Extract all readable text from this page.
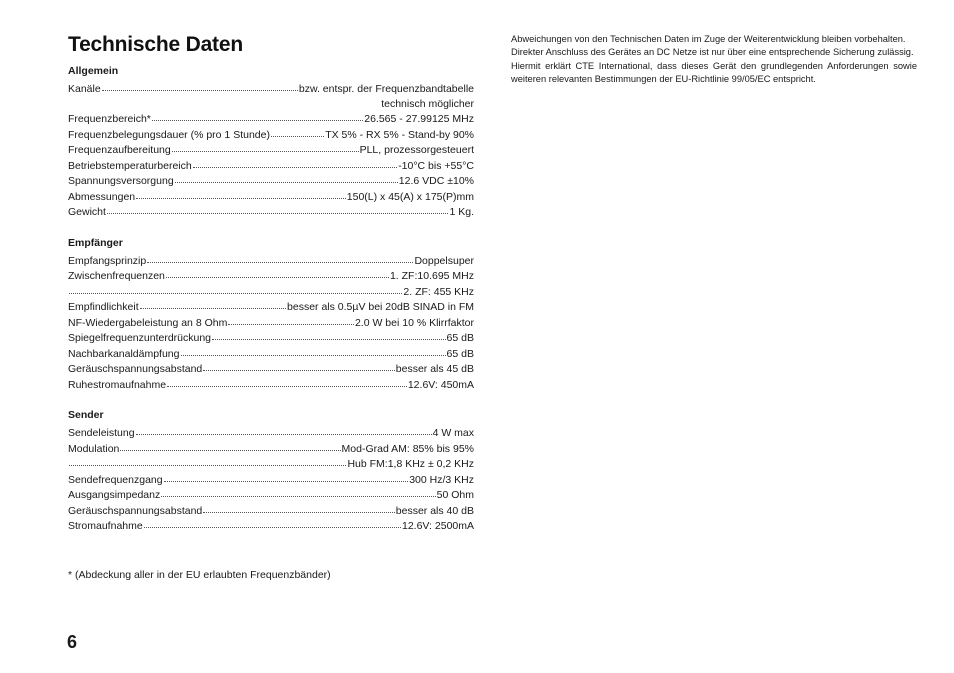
Technische Daten
Allgemein
Kanäle	bzw. entspr. der Frequenzbandtabelle
technisch möglicher
Frequenzbereich*	26.565 - 27.99125 MHz
Frequenzbelegungsdauer (% pro 1 Stunde)	TX 5% - RX 5% - Stand-by 90%
Frequenzaufbereitung	PLL, prozessorgesteuert
Betriebstemperaturbereich	-10°C bis +55°C
Spannungsversorgung	12.6 VDC ±10%
Abmessungen	150(L) x 45(A) x 175(P)mm
Gewicht	1 Kg.
Empfänger
Empfangsprinzip	Doppelsuper
Zwischenfrequenzen	1. ZF:10.695 MHz
2. ZF: 455 KHz
Empfindlichkeit	besser als 0.5µV bei 20dB SINAD in FM
NF-Wiedergabeleistung an 8 Ohm	2.0 W bei 10 % Klirrfaktor
Spiegelfrequenzunterdrückung	65 dB
Nachbarkanaldämpfung	65 dB
Geräuschspannungsabstand	besser als 45 dB
Ruhestromaufnahme	12.6V: 450mA
Sender
Sendeleistung	4 W max
Modulation	Mod-Grad AM: 85% bis 95%
Hub FM:1,8 KHz ± 0,2 KHz
Sendefrequenzgang	300 Hz/3 KHz
Ausgangsimpedanz	50 Ohm
Geräuschspannungsabstand	besser als 40 dB
Stromaufnahme	12.6V: 2500mA
* (Abdeckung aller in der EU erlaubten Frequenzbänder)
6

Abweichungen von den Technischen Daten im Zuge der Weiterentwicklung bleiben vorbehalten.

Direkter Anschluss des Gerätes an DC Netze ist nur über eine entsprechende Sicherung zulässig.

Hiermit erklärt CTE International, dass dieses Gerät den grundlegenden Anforderungen sowie weiteren relevanten Bestimmungen der EU-Richtlinie 99/05/EC entspricht.
